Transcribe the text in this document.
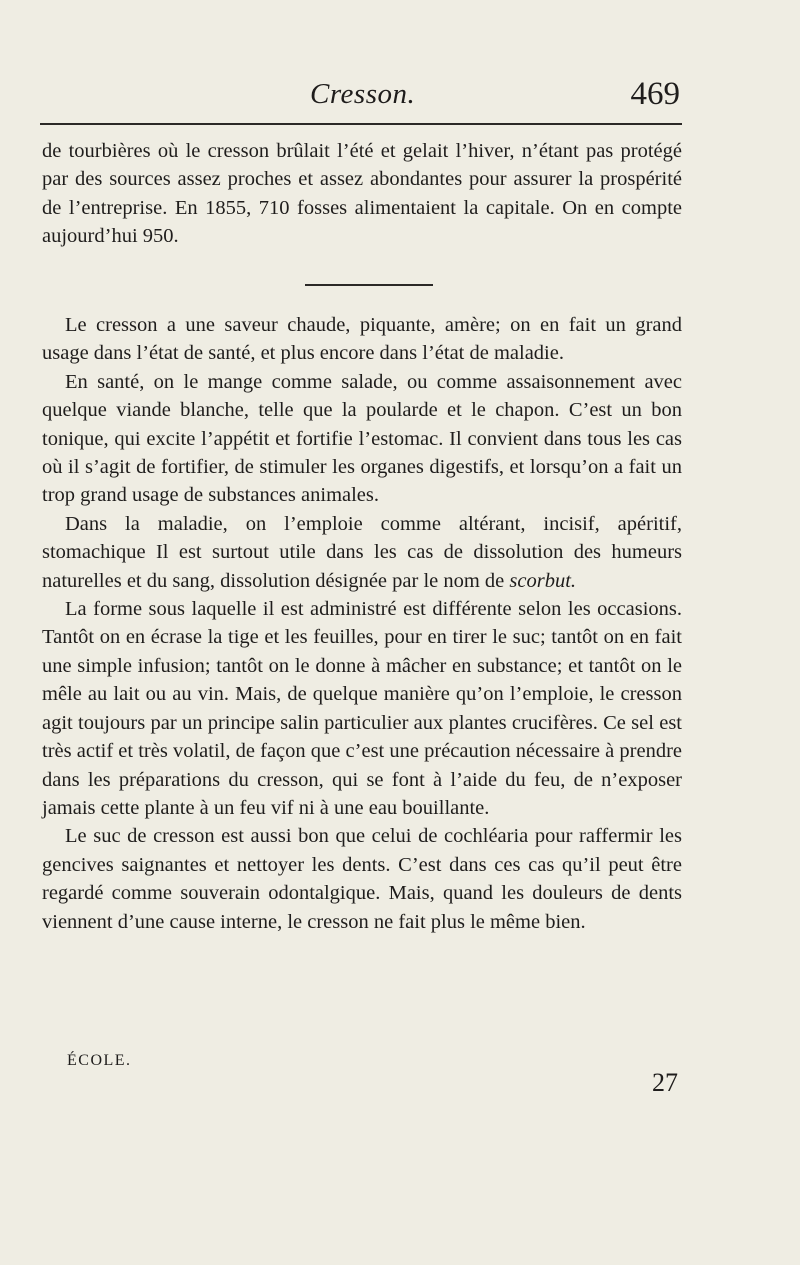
Cresson.	469

de tourbières où le cresson brûlait l’été et gelait l’hiver, n’étant pas protégé par des sources assez proches et assez abondantes pour assurer la prospérité de l’entreprise. En 1855, 710 fosses alimentaient la capitale. On en compte aujourd’hui 950.

Le cresson a une saveur chaude, piquante, amère; on en fait un grand usage dans l’état de santé, et plus encore dans l’état de maladie.

En santé, on le mange comme salade, ou comme assaisonnement avec quelque viande blanche, telle que la poularde et le chapon. C’est un bon tonique, qui excite l’appétit et fortifie l’estomac. Il convient dans tous les cas où il s’agit de fortifier, de stimuler les organes digestifs, et lorsqu’on a fait un trop grand usage de substances animales.

Dans la maladie, on l’emploie comme altérant, incisif, apéritif, stomachique Il est surtout utile dans les cas de dissolution des humeurs naturelles et du sang, dissolution désignée par le nom de scorbut.

La forme sous laquelle il est administré est différente selon les occasions. Tantôt on en écrase la tige et les feuilles, pour en tirer le suc; tantôt on en fait une simple infusion; tantôt on le donne à mâcher en substance; et tantôt on le mêle au lait ou au vin. Mais, de quelque manière qu’on l’emploie, le cresson agit toujours par un principe salin particulier aux plantes crucifères. Ce sel est très actif et très volatil, de façon que c’est une précaution nécessaire à prendre dans les préparations du cresson, qui se font à l’aide du feu, de n’exposer jamais cette plante à un feu vif ni à une eau bouillante.

Le suc de cresson est aussi bon que celui de cochléaria pour raffermir les gencives saignantes et nettoyer les dents. C’est dans ces cas qu’il peut être regardé comme souverain odontalgique. Mais, quand les douleurs de dents viennent d’une cause interne, le cresson ne fait plus le même bien.

ÉCOLE.
27
